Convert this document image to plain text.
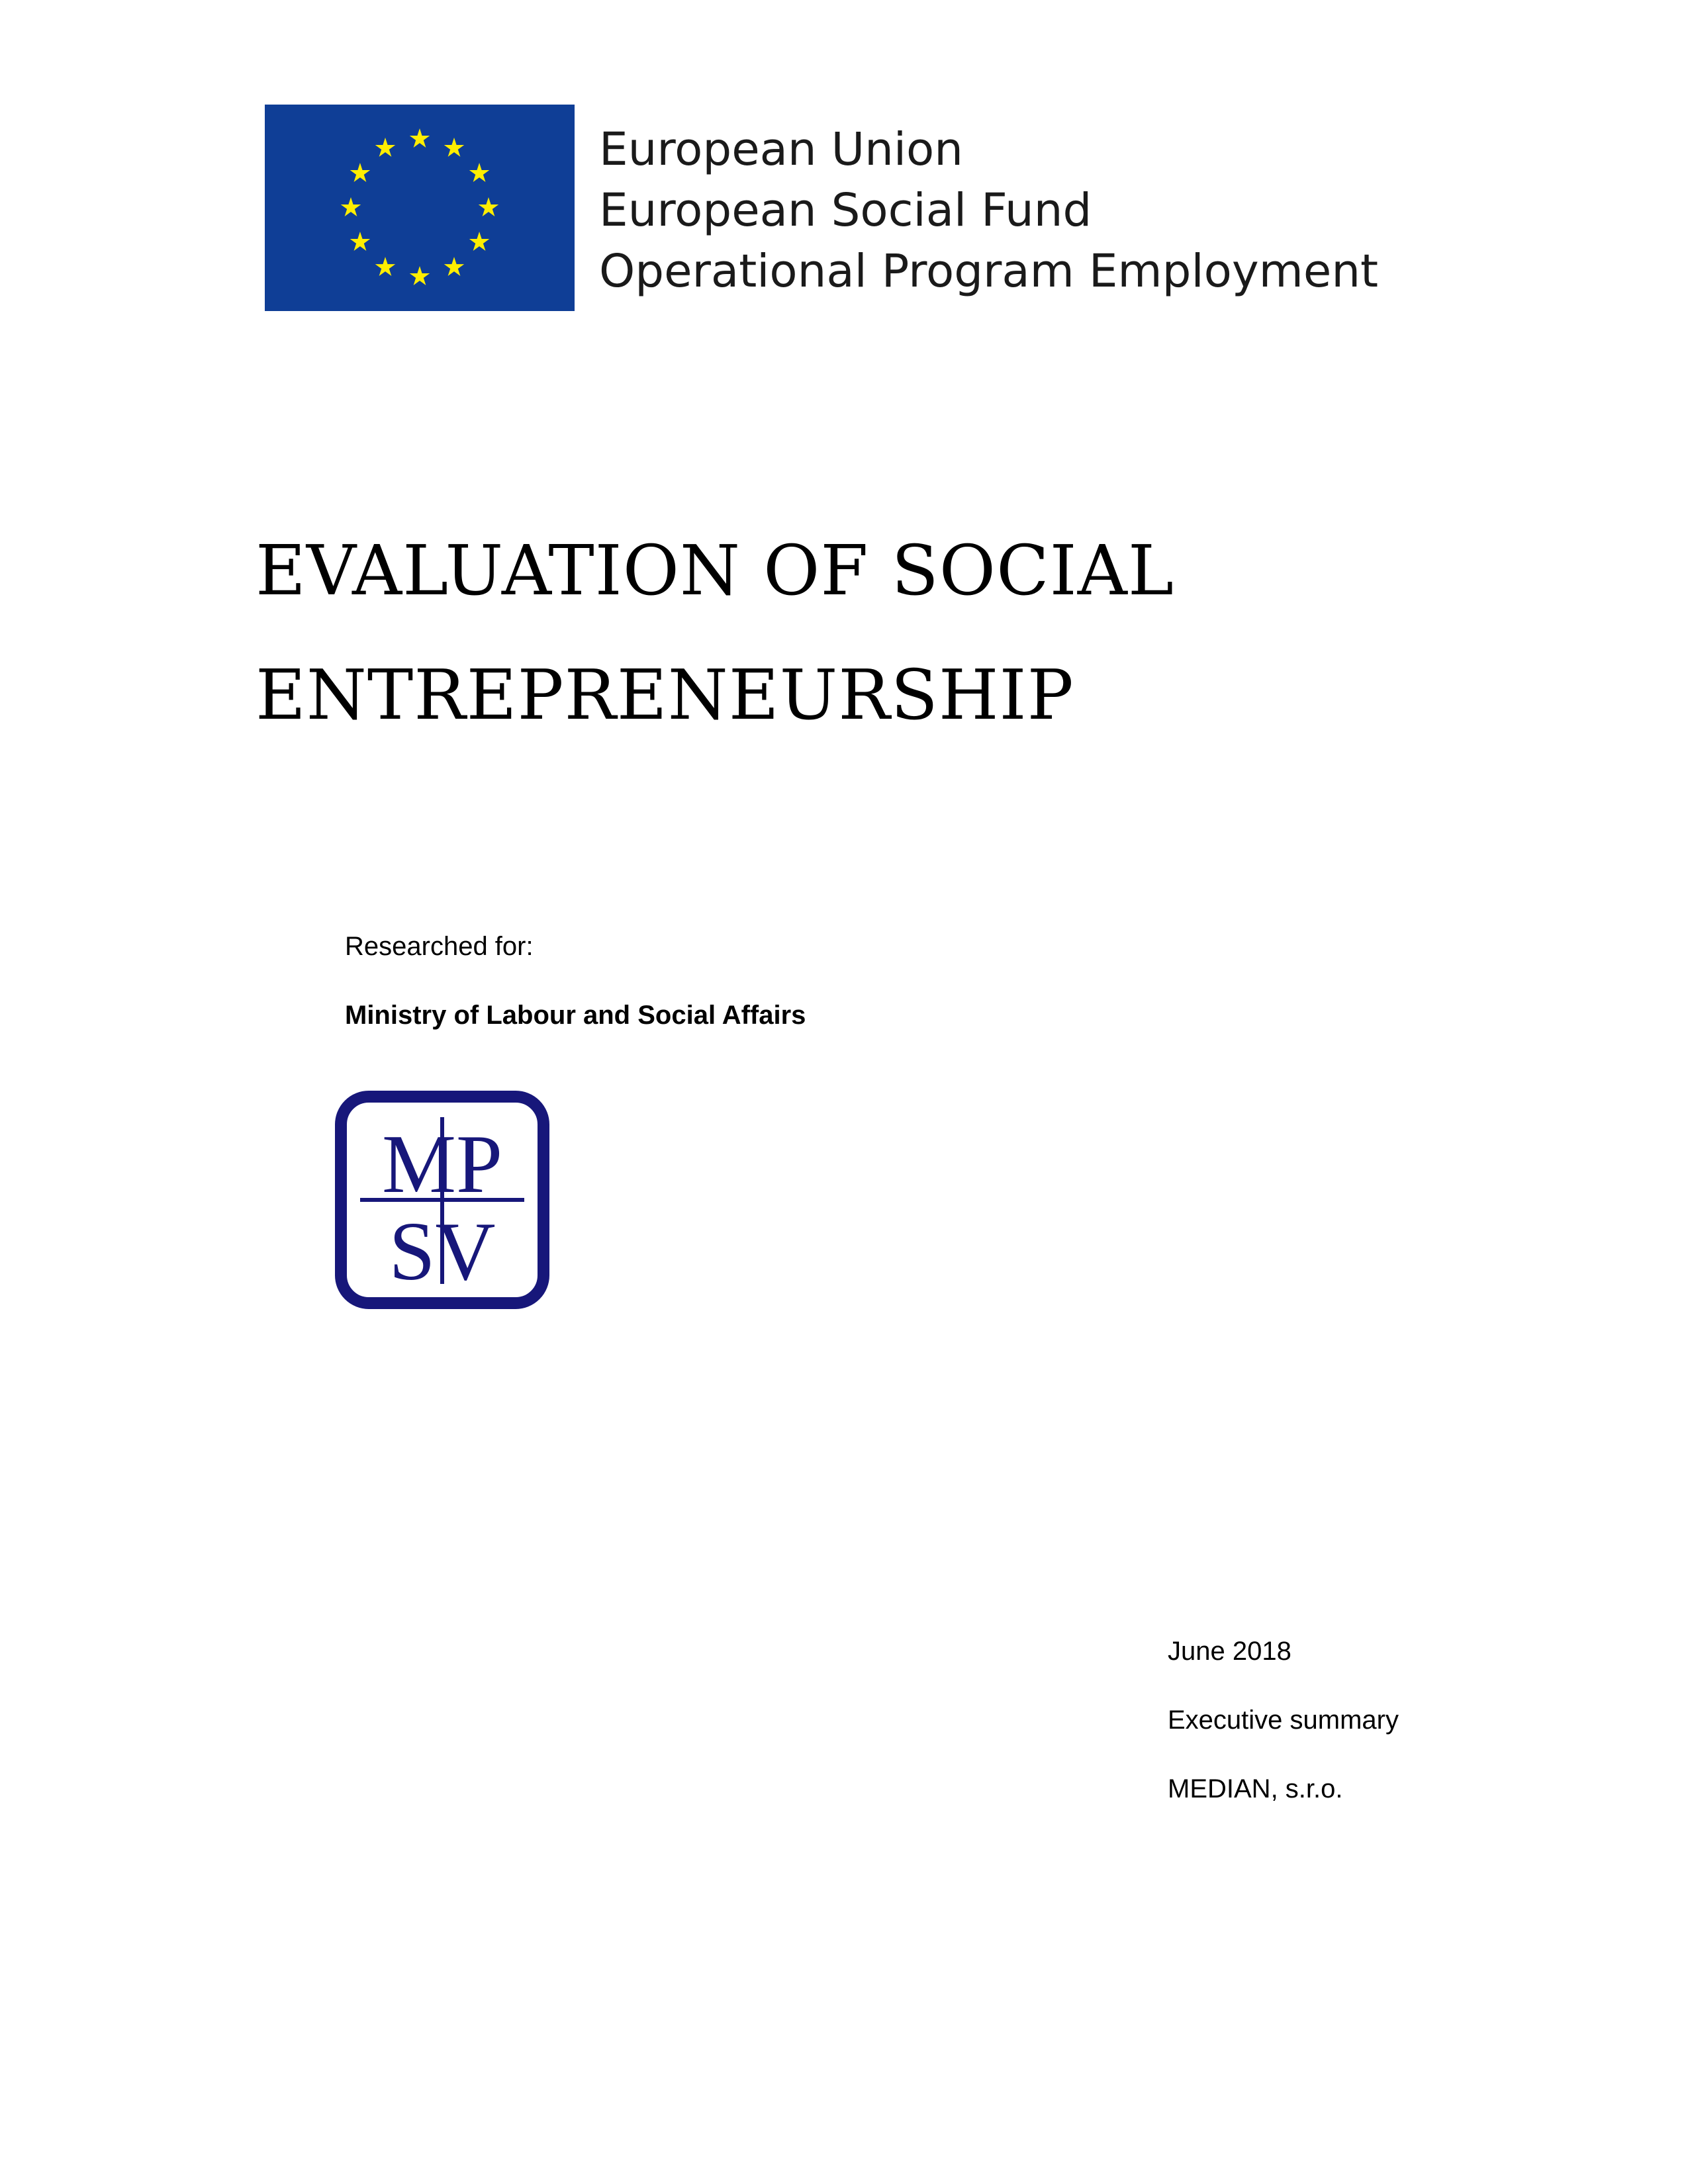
European Union
European Social Fund
Operational Program Employment
EVALUATION OF SOCIAL
ENTREPRENEURSHIP
Researched for:
Ministry of Labour and Social Affairs
MP
SV
June 2018
Executive summary
MEDIAN, s.r.o.
